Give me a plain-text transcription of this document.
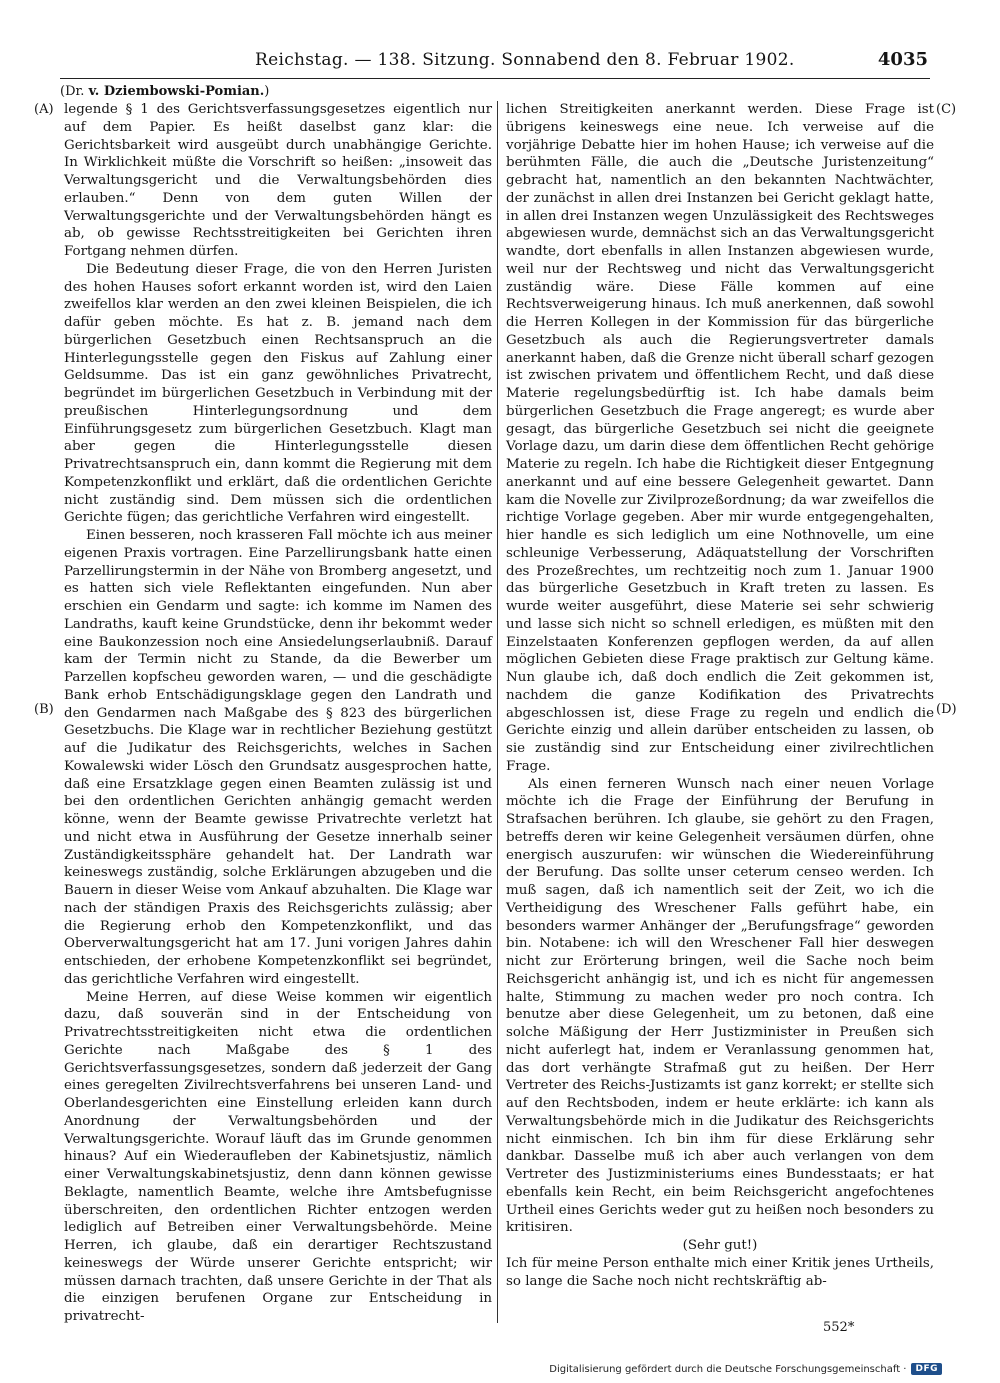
Reichstag. — 138. Sitzung. Sonnabend den 8. Februar 1902.	4035
(Dr. v. Dziembowski-Pomian.)
(A)
(B)
(C)
(D)

legende § 1 des Gerichtsverfassungsgesetzes eigentlich nur auf dem Papier. Es heißt daselbst ganz klar: die Gerichtsbarkeit wird ausgeübt durch unabhängige Gerichte. In Wirklichkeit müßte die Vorschrift so heißen: „insoweit das Verwaltungsgericht und die Verwaltungsbehörden dies erlauben.“ Denn von dem guten Willen der Verwaltungsgerichte und der Verwaltungsbehörden hängt es ab, ob gewisse Rechtsstreitigkeiten bei Gerichten ihren Fortgang nehmen dürfen.

Die Bedeutung dieser Frage, die von den Herren Juristen des hohen Hauses sofort erkannt worden ist, wird den Laien zweifellos klar werden an den zwei kleinen Beispielen, die ich dafür geben möchte. Es hat z. B. jemand nach dem bürgerlichen Gesetzbuch einen Rechtsanspruch an die Hinterlegungsstelle gegen den Fiskus auf Zahlung einer Geldsumme. Das ist ein ganz gewöhnliches Privatrecht, begründet im bürgerlichen Gesetzbuch in Verbindung mit der preußischen Hinterlegungsordnung und dem Einführungsgesetz zum bürgerlichen Gesetzbuch. Klagt man aber gegen die Hinterlegungsstelle diesen Privatrechtsanspruch ein, dann kommt die Regierung mit dem Kompetenzkonflikt und erklärt, daß die ordentlichen Gerichte nicht zuständig sind. Dem müssen sich die ordentlichen Gerichte fügen; das gerichtliche Verfahren wird eingestellt.

Einen besseren, noch krasseren Fall möchte ich aus meiner eigenen Praxis vortragen. Eine Parzellirungsbank hatte einen Parzellirungstermin in der Nähe von Bromberg angesetzt, und es hatten sich viele Reflektanten eingefunden. Nun aber erschien ein Gendarm und sagte: ich komme im Namen des Landraths, kauft keine Grundstücke, denn ihr bekommt weder eine Baukonzession noch eine Ansiedelungserlaubniß. Darauf kam der Termin nicht zu Stande, da die Bewerber um Parzellen kopfscheu geworden waren, — und die geschädigte Bank erhob Entschädigungsklage gegen den Landrath und den Gendarmen nach Maßgabe des § 823 des bürgerlichen Gesetzbuchs. Die Klage war in rechtlicher Beziehung gestützt auf die Judikatur des Reichsgerichts, welches in Sachen Kowalewski wider Lösch den Grundsatz ausgesprochen hatte, daß eine Ersatzklage gegen einen Beamten zulässig ist und bei den ordentlichen Gerichten anhängig gemacht werden könne, wenn der Beamte gewisse Privatrechte verletzt hat und nicht etwa in Ausführung der Gesetze innerhalb seiner Zuständigkeitssphäre gehandelt hat. Der Landrath war keineswegs zuständig, solche Erklärungen abzugeben und die Bauern in dieser Weise vom Ankauf abzuhalten. Die Klage war nach der ständigen Praxis des Reichsgerichts zulässig; aber die Regierung erhob den Kompetenzkonflikt, und das Oberverwaltungsgericht hat am 17. Juni vorigen Jahres dahin entschieden, der erhobene Kompetenzkonflikt sei begründet, das gerichtliche Verfahren wird eingestellt.

Meine Herren, auf diese Weise kommen wir eigentlich dazu, daß souverän sind in der Entscheidung von Privatrechtsstreitigkeiten nicht etwa die ordentlichen Gerichte nach Maßgabe des § 1 des Gerichtsverfassungsgesetzes, sondern daß jederzeit der Gang eines geregelten Zivilrechtsverfahrens bei unseren Land- und Oberlandesgerichten eine Einstellung erleiden kann durch Anordnung der Verwaltungsbehörden und der Verwaltungsgerichte. Worauf läuft das im Grunde genommen hinaus? Auf ein Wiederaufleben der Kabinetsjustiz, nämlich einer Verwaltungskabinetsjustiz, denn dann können gewisse Beklagte, namentlich Beamte, welche ihre Amtsbefugnisse überschreiten, den ordentlichen Richter entzogen werden lediglich auf Betreiben einer Verwaltungsbehörde. Meine Herren, ich glaube, daß ein derartiger Rechtszustand keineswegs der Würde unserer Gerichte entspricht; wir müssen darnach trachten, daß unsere Gerichte in der That als die einzigen berufenen Organe zur Entscheidung in privatrecht-

lichen Streitigkeiten anerkannt werden. Diese Frage ist übrigens keineswegs eine neue. Ich verweise auf die vorjährige Debatte hier im hohen Hause; ich verweise auf die berühmten Fälle, die auch die „Deutsche Juristenzeitung“ gebracht hat, namentlich an den bekannten Nachtwächter, der zunächst in allen drei Instanzen bei Gericht geklagt hatte, in allen drei Instanzen wegen Unzulässigkeit des Rechtsweges abgewiesen wurde, demnächst sich an das Verwaltungsgericht wandte, dort ebenfalls in allen Instanzen abgewiesen wurde, weil nur der Rechtsweg und nicht das Verwaltungsgericht zuständig wäre. Diese Fälle kommen auf eine Rechtsverweigerung hinaus. Ich muß anerkennen, daß sowohl die Herren Kollegen in der Kommission für das bürgerliche Gesetzbuch als auch die Regierungsvertreter damals anerkannt haben, daß die Grenze nicht überall scharf gezogen ist zwischen privatem und öffentlichem Recht, und daß diese Materie regelungsbedürftig ist. Ich habe damals beim bürgerlichen Gesetzbuch die Frage angeregt; es wurde aber gesagt, das bürgerliche Gesetzbuch sei nicht die geeignete Vorlage dazu, um darin diese dem öffentlichen Recht gehörige Materie zu regeln. Ich habe die Richtigkeit dieser Entgegnung anerkannt und auf eine bessere Gelegenheit gewartet. Dann kam die Novelle zur Zivilprozeßordnung; da war zweifellos die richtige Vorlage gegeben. Aber mir wurde entgegengehalten, hier handle es sich lediglich um eine Nothnovelle, um eine schleunige Verbesserung, Adäquatstellung der Vorschriften des Prozeßrechtes, um rechtzeitig noch zum 1. Januar 1900 das bürgerliche Gesetzbuch in Kraft treten zu lassen. Es wurde weiter ausgeführt, diese Materie sei sehr schwierig und lasse sich nicht so schnell erledigen, es müßten mit den Einzelstaaten Konferenzen gepflogen werden, da auf allen möglichen Gebieten diese Frage praktisch zur Geltung käme. Nun glaube ich, daß doch endlich die Zeit gekommen ist, nachdem die ganze Kodifikation des Privatrechts abgeschlossen ist, diese Frage zu regeln und endlich die Gerichte einzig und allein darüber entscheiden zu lassen, ob sie zuständig sind zur Entscheidung einer zivilrechtlichen Frage.

Als einen ferneren Wunsch nach einer neuen Vorlage möchte ich die Frage der Einführung der Berufung in Strafsachen berühren. Ich glaube, sie gehört zu den Fragen, betreffs deren wir keine Gelegenheit versäumen dürfen, ohne energisch auszurufen: wir wünschen die Wiedereinführung der Berufung. Das sollte unser ceterum censeo werden. Ich muß sagen, daß ich namentlich seit der Zeit, wo ich die Vertheidigung des Wreschener Falls geführt habe, ein besonders warmer Anhänger der „Berufungsfrage“ geworden bin. Notabene: ich will den Wreschener Fall hier deswegen nicht zur Erörterung bringen, weil die Sache noch beim Reichsgericht anhängig ist, und ich es nicht für angemessen halte, Stimmung zu machen weder pro noch contra. Ich benutze aber diese Gelegenheit, um zu betonen, daß eine solche Mäßigung der Herr Justizminister in Preußen sich nicht auferlegt hat, indem er Veranlassung genommen hat, das dort verhängte Strafmaß gut zu heißen. Der Herr Vertreter des Reichs-Justizamts ist ganz korrekt; er stellte sich auf den Rechtsboden, indem er heute erklärte: ich kann als Verwaltungsbehörde mich in die Judikatur des Reichsgerichts nicht einmischen. Ich bin ihm für diese Erklärung sehr dankbar. Dasselbe muß ich aber auch verlangen von dem Vertreter des Justizministeriums eines Bundesstaats; er hat ebenfalls kein Recht, ein beim Reichsgericht angefochtenes Urtheil eines Gerichts weder gut zu heißen noch besonders zu kritisiren.

(Sehr gut!)

Ich für meine Person enthalte mich einer Kritik jenes Urtheils, so lange die Sache noch nicht rechtskräftig ab-

552*
Digitalisierung gefördert durch die Deutsche Forschungsgemeinschaft ·	DFG
